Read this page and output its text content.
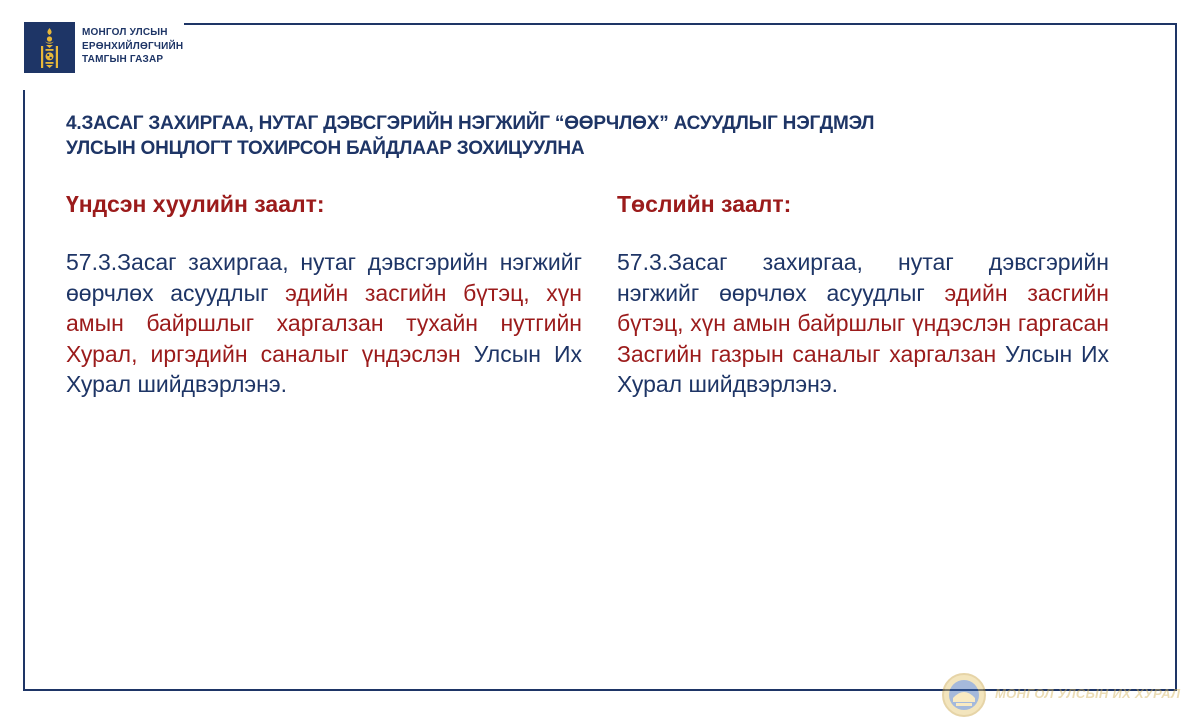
МОНГОЛ УЛСЫН
ЕРӨНХИЙЛӨГЧИЙН
ТАМГЫН ГАЗАР
4.ЗАСАГ ЗАХИРГАА, НУТАГ ДЭВСГЭРИЙН НЭГЖИЙГ “ӨӨРЧЛӨХ” АСУУДЛЫГ НЭГДМЭЛ
УЛСЫН ОНЦЛОГТ ТОХИРСОН БАЙДЛААР ЗОХИЦУУЛНА
Үндсэн хуулийн заалт:	Төслийн заалт:
57.3.Засаг захиргаа, нутаг дэвсгэрийн нэгжийг өөрчлөх асуудлыг эдийн засгийн бүтэц, хүн амын байршлыг харгалзан тухайн нутгийн Хурал, иргэдийн саналыг үндэслэн Улсын Их Хурал шийдвэрлэнэ.
57.3.Засаг захиргаа, нутаг дэвсгэрийн нэгжийг өөрчлөх асуудлыг эдийн засгийн бүтэц, хүн амын байршлыг үндэслэн гаргасан Засгийн газрын саналыг харгалзан Улсын Их Хурал шийдвэрлэнэ.
МОНГОЛ УЛСЫН ИХ ХУРАЛ
